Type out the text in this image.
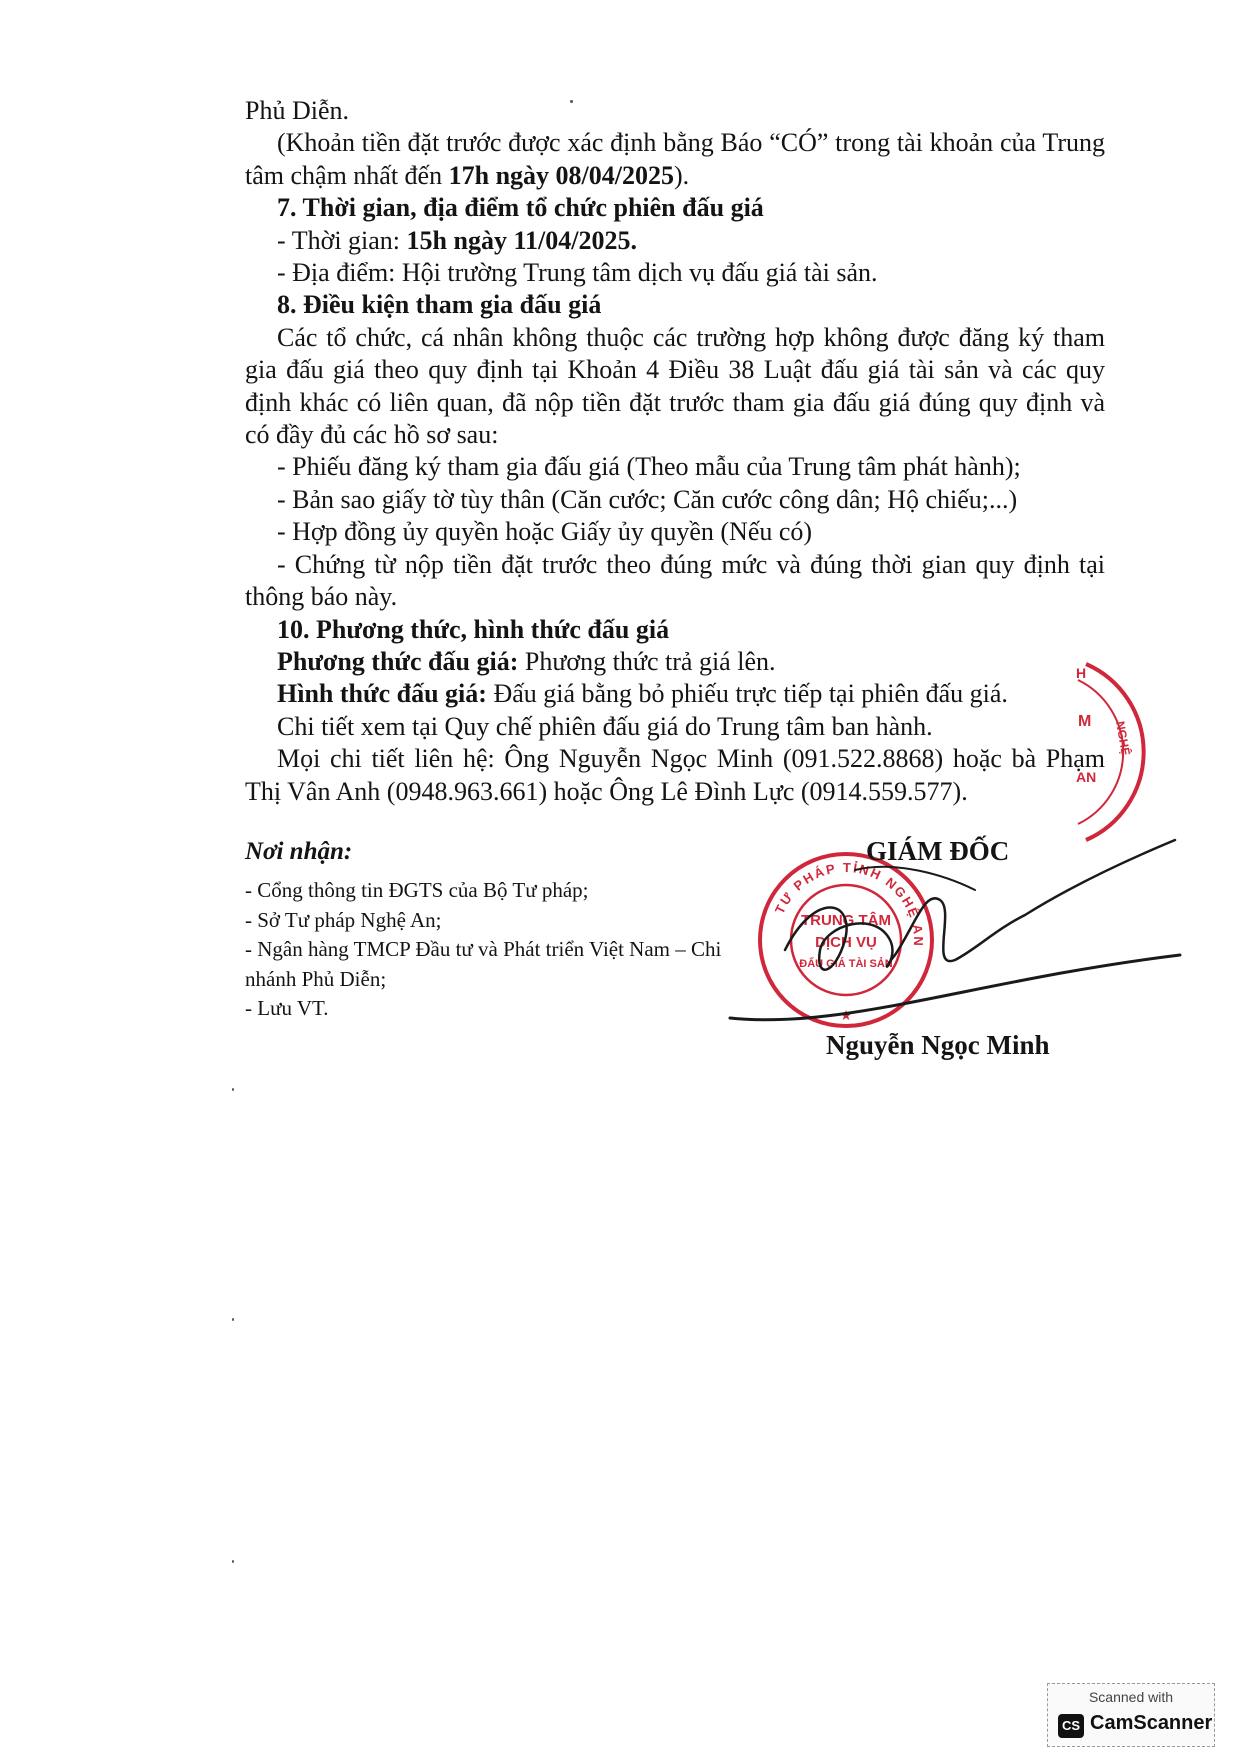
Phủ Diễn.

(Khoản tiền đặt trước được xác định bằng Báo “CÓ” trong tài khoản của Trung tâm chậm nhất đến 17h ngày 08/04/2025).

7. Thời gian, địa điểm tổ chức phiên đấu giá

- Thời gian: 15h ngày 11/04/2025.

- Địa điểm: Hội trường Trung tâm dịch vụ đấu giá tài sản.

8. Điều kiện tham gia đấu giá

Các tổ chức, cá nhân không thuộc các trường hợp không được đăng ký tham gia đấu giá theo quy định tại Khoản 4 Điều 38 Luật đấu giá tài sản và các quy định khác có liên quan, đã nộp tiền đặt trước tham gia đấu giá đúng quy định và có đầy đủ các hồ sơ sau:

- Phiếu đăng ký tham gia đấu giá (Theo mẫu của Trung tâm phát hành);

- Bản sao giấy tờ tùy thân (Căn cước; Căn cước công dân; Hộ chiếu;...)

- Hợp đồng ủy quyền hoặc Giấy ủy quyền (Nếu có)

- Chứng từ nộp tiền đặt trước theo đúng mức và đúng thời gian quy định tại thông báo này.

10. Phương thức, hình thức đấu giá

Phương thức đấu giá: Phương thức trả giá lên.

Hình thức đấu giá: Đấu giá bằng bỏ phiếu trực tiếp tại phiên đấu giá.

Chi tiết xem tại Quy chế phiên đấu giá do Trung tâm ban hành.

Mọi chi tiết liên hệ: Ông Nguyễn Ngọc Minh (091.522.8868) hoặc bà Phạm Thị Vân Anh (0948.963.661) hoặc Ông Lê Đình Lực (0914.559.577).

Nơi nhận:

- Cổng thông tin ĐGTS của Bộ Tư pháp;

- Sở Tư pháp Nghệ An;

- Ngân hàng TMCP Đầu tư và Phát triển Việt Nam – Chi nhánh Phủ Diễn;

- Lưu VT.

H
M NGHỆ
AN
TƯ PHÁP TỈNH NGHỆ AN
TRUNG TÂM
DỊCH VỤ
ĐẤU GIÁ TÀI SẢN
★
GIÁM ĐỐC
Nguyễn Ngọc Minh
Scanned with
CS CamScanner
